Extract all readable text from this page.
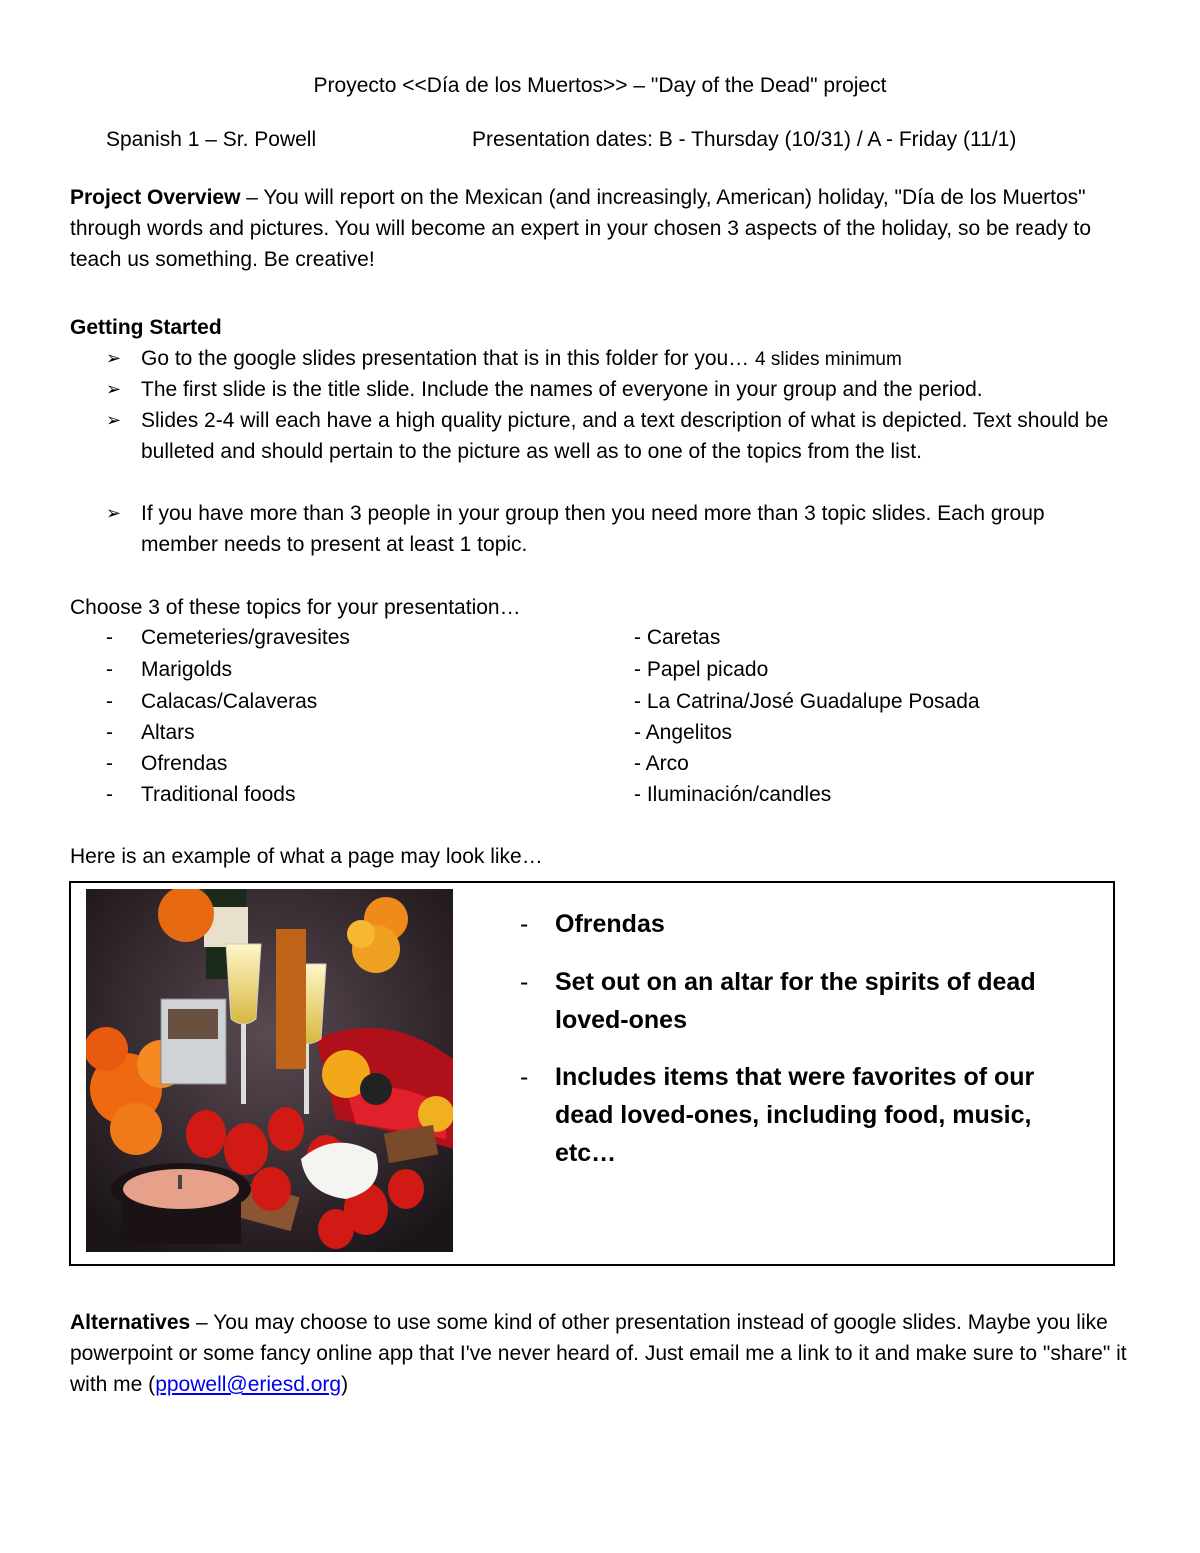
Proyecto <<Día de los Muertos>> – "Day of the Dead" project
Spanish 1 – Sr. Powell	Presentation dates: B - Thursday (10/31) / A - Friday (11/1)
Project Overview – You will report on the Mexican (and increasingly, American) holiday, "Día de los Muertos" through words and pictures. You will become an expert in your chosen 3 aspects of the holiday, so be ready to teach us something. Be creative!
Getting Started
➢ Go to the google slides presentation that is in this folder for you… 4 slides minimum
➢ The first slide is the title slide. Include the names of everyone in your group and the period.
➢ Slides 2-4 will each have a high quality picture, and a text description of what is depicted. Text should be bulleted and should pertain to the picture as well as to one of the topics from the list.
➢ If you have more than 3 people in your group then you need more than 3 topic slides. Each group member needs to present at least 1 topic.
Choose 3 of these topics for your presentation…
- Cemeteries/gravesites
- Marigolds
- Calacas/Calaveras
- Altars
- Ofrendas
- Traditional foods
- Caretas
- Papel picado
- La Catrina/José Guadalupe Posada
- Angelitos
- Arco
- Iluminación/candles
Here is an example of what a page may look like…
- Ofrendas
- Set out on an altar for the spirits of dead loved-ones
- Includes items that were favorites of our dead loved-ones, including food, music, etc…
Alternatives – You may choose to use some kind of other presentation instead of google slides. Maybe you like powerpoint or some fancy online app that I've never heard of. Just email me a link to it and make sure to "share" it with me (ppowell@eriesd.org)
